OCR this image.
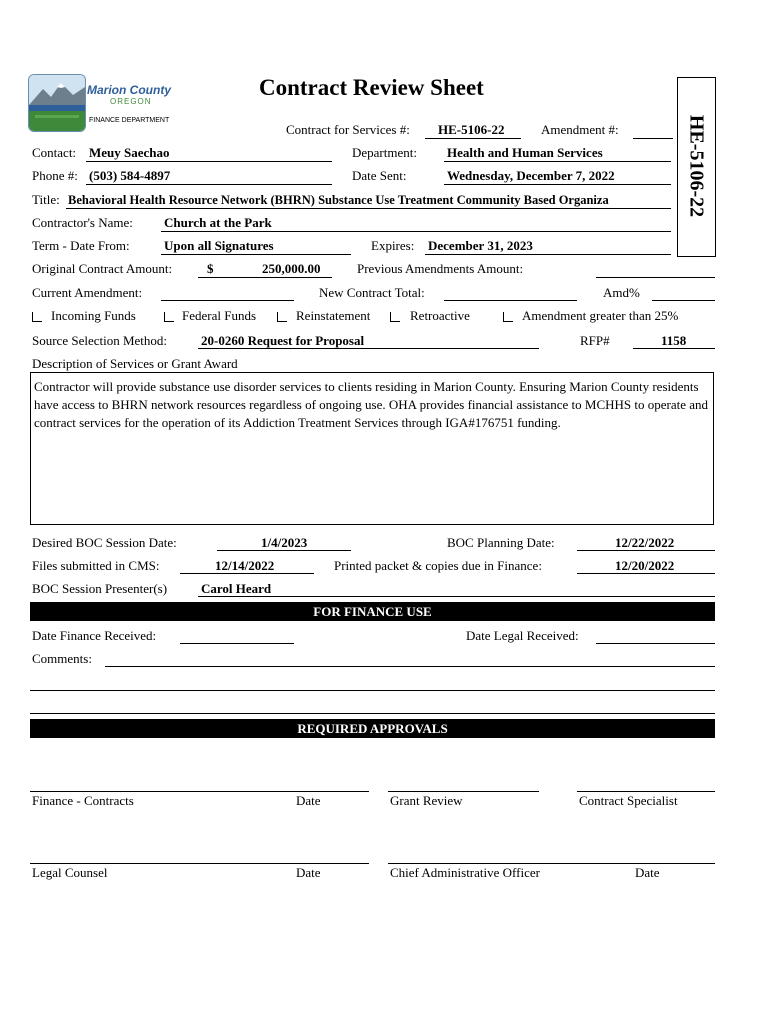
Marion County
OREGON
FINANCE DEPARTMENT
Contract Review Sheet
HE-5106-22
Contract for Services #: HE-5106-22	Amendment #:
Contact: Meuy Saechao	Department: Health and Human Services
Phone #: (503) 584-4897	Date Sent:	Wednesday, December 7, 2022
Title: Behavioral Health Resource Network (BHRN) Substance Use Treatment Community Based Organiza
Contractor's Name: Church at the Park
Term - Date From:	Upon all Signatures	Expires: December 31, 2023
Original Contract Amount:	$	250,000.00	Previous Amendments Amount:
Current Amendment:	New Contract Total:	Amd%
Incoming Funds	Federal Funds	Reinstatement	Retroactive	Amendment greater than 25%
Source Selection Method:	20-0260 Request for Proposal	RFP#	1158
Description of Services or Grant Award
Contractor will provide substance use disorder services to clients residing in Marion County. Ensuring Marion County residents have access to BHRN network resources regardless of ongoing use. OHA provides financial assistance to MCHHS to operate and contract services for the operation of its Addiction Treatment Services through IGA#176751 funding.
Desired BOC Session Date:	1/4/2023	BOC Planning Date:	12/22/2022
Files submitted in CMS:	12/14/2022	Printed packet & copies due in Finance:	12/20/2022
BOC Session Presenter(s)	Carol Heard
FOR FINANCE USE
Date Finance Received:	Date Legal Received:
Comments:
REQUIRED APPROVALS
Finance - Contracts	Date	Grant Review	Contract Specialist
Legal Counsel	Date	Chief Administrative Officer	Date
